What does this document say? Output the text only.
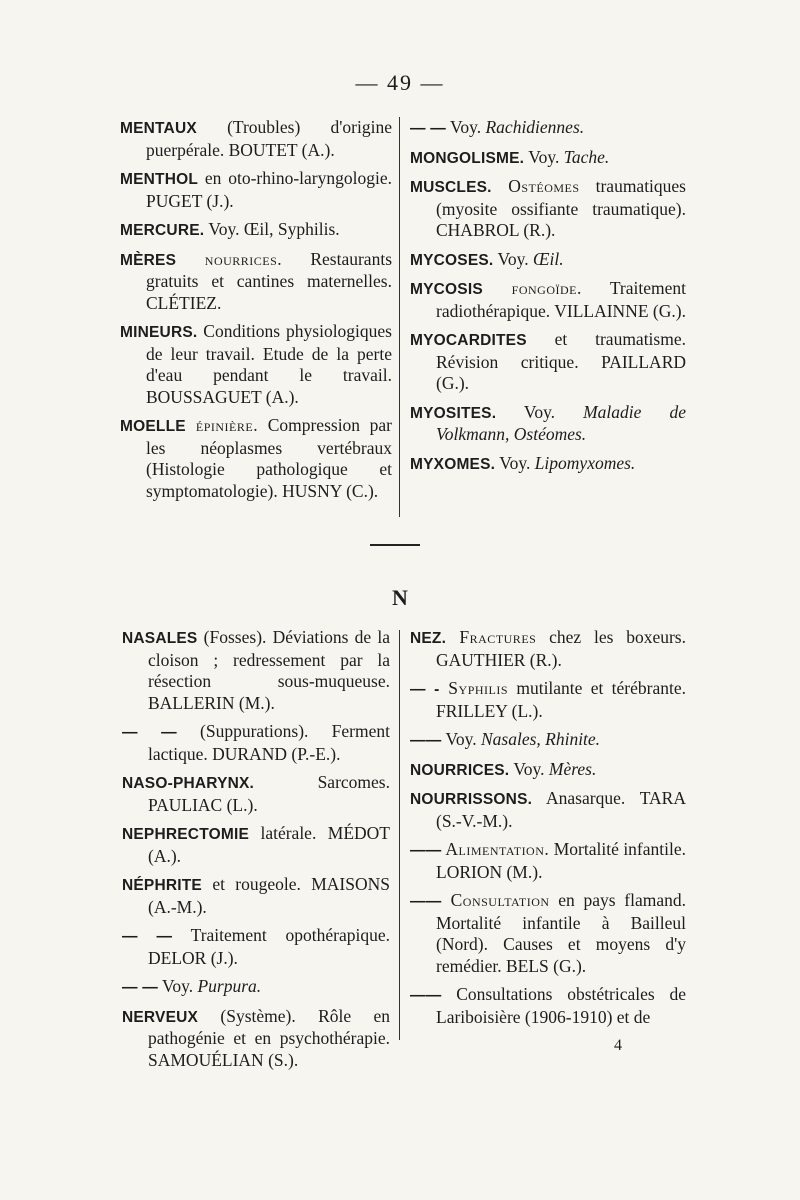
— 49 —

MENTAUX (Troubles) d'origine puerpérale. BOUTET (A.).

MENTHOL en oto-rhino-laryngologie. PUGET (J.).

MERCURE. Voy. Œil, Syphilis.

MÈRES nourrices. Restaurants gratuits et cantines maternelles. CLÉTIEZ.

MINEURS. Conditions physiologiques de leur travail. Etude de la perte d'eau pendant le travail. BOUSSAGUET (A.).

MOELLE épinière. Compression par les néoplasmes vertébraux (Histologie pathologique et symptomatologie). HUSNY (C.).

— — Voy. Rachidiennes.

MONGOLISME. Voy. Tache.

MUSCLES. Ostéomes traumatiques (myosite ossifiante traumatique). CHABROL (R.).

MYCOSES. Voy. Œil.

MYCOSIS fongoïde. Traitement radiothérapique. VILLAINNE (G.).

MYOCARDITES et traumatisme. Révision critique. PAILLARD (G.).

MYOSITES. Voy. Maladie de Volkmann, Ostéomes.

MYXOMES. Voy. Lipomyxomes.

N

NASALES (Fosses). Déviations de la cloison ; redressement par la résection sous-muqueuse. BALLERIN (M.).

— — (Suppurations). Ferment lactique. DURAND (P.-E.).

NASO-PHARYNX. Sarcomes. PAULIAC (L.).

NEPHRECTOMIE latérale. MÉDOT (A.).

NÉPHRITE et rougeole. MAISONS (A.-M.).

— — Traitement opothérapique. DELOR (J.).

— — Voy. Purpura.

NERVEUX (Système). Rôle en pathogénie et en psychothérapie. SAMOUÉLIAN (S.).

NEZ. Fractures chez les boxeurs. GAUTHIER (R.).

— - Syphilis mutilante et térébrante. FRILLEY (L.).

—— Voy. Nasales, Rhinite.

NOURRICES. Voy. Mères.

NOURRISSONS. Anasarque. TARA (S.-V.-M.).

—— Alimentation. Mortalité infantile. LORION (M.).

—— Consultation en pays flamand. Mortalité infantile à Bailleul (Nord). Causes et moyens d'y remédier. BELS (G.).

—— Consultations obstétricales de Lariboisière (1906-1910) et de

4
